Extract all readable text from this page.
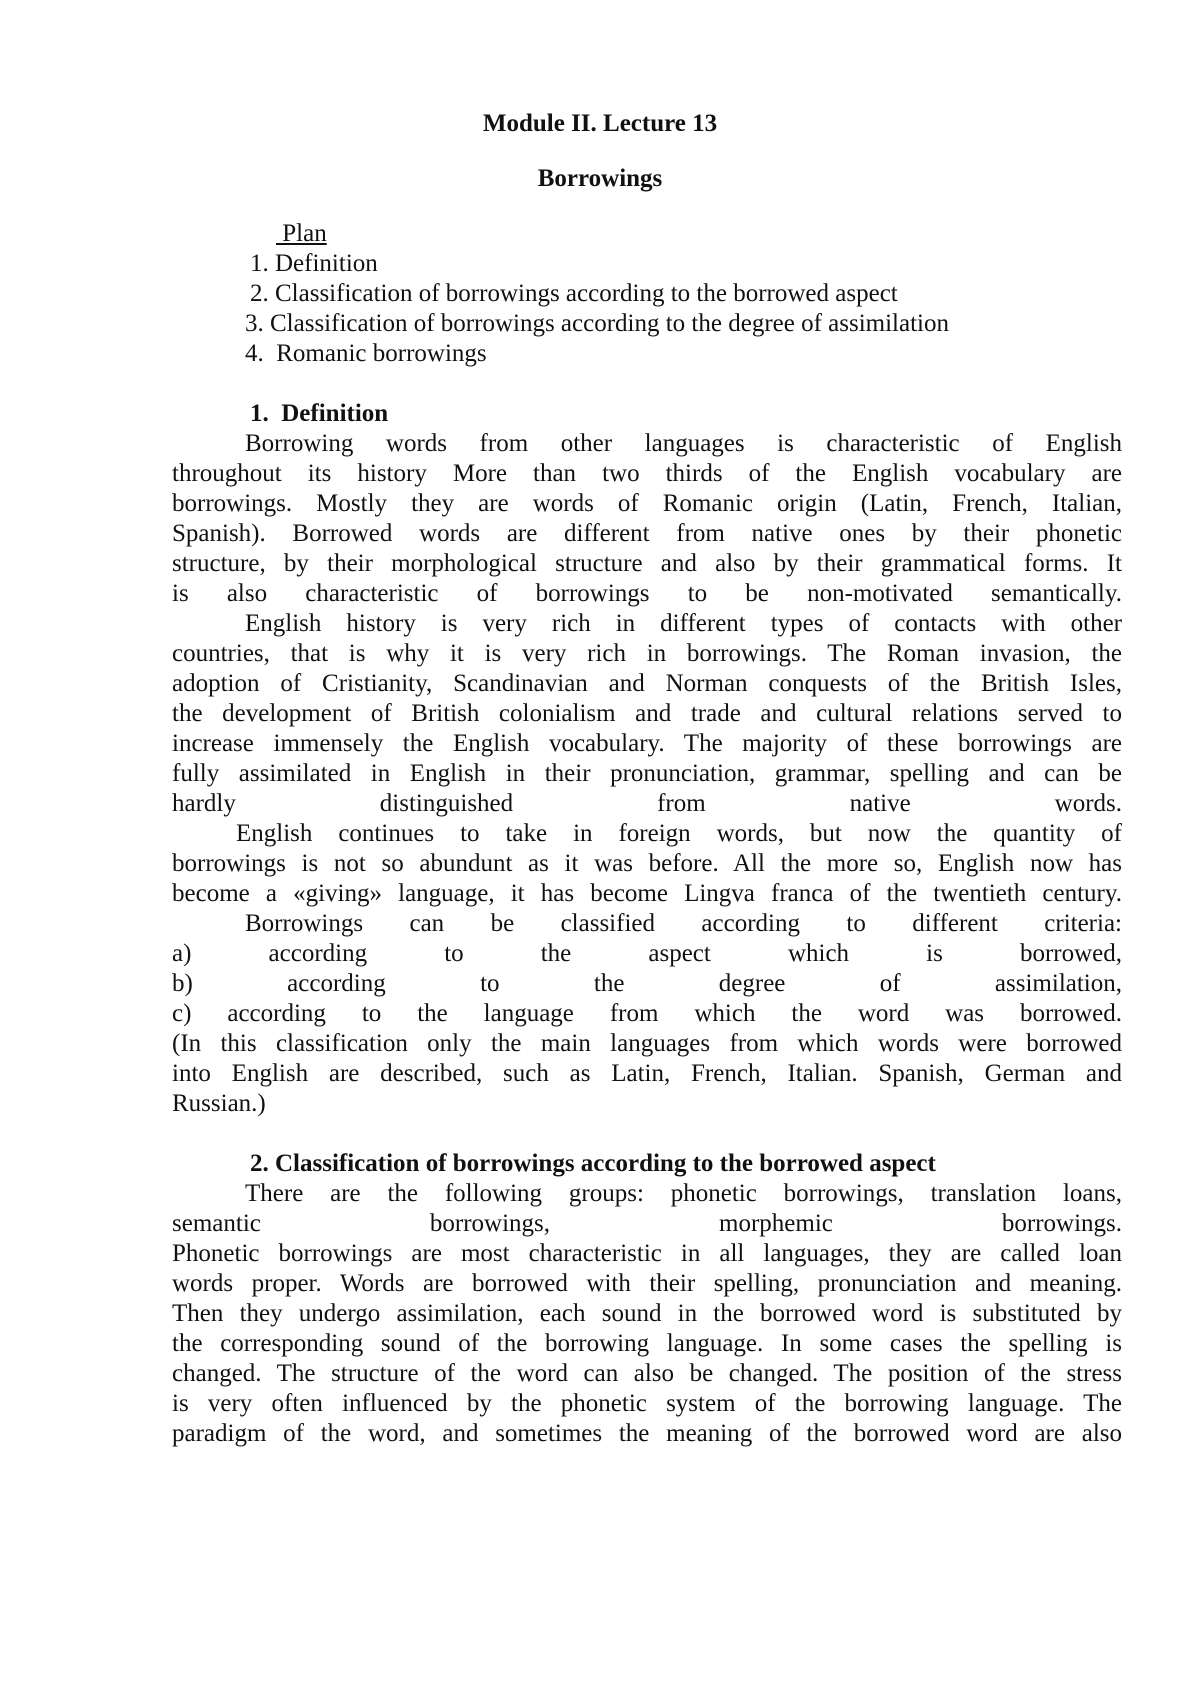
Module II. Lecture 13
Borrowings
Plan
1. Definition
2. Classification of borrowings according to the borrowed aspect
3. Classification of borrowings according to the degree of assimilation
4.  Romanic borrowings
1.  Definition
Borrowing words from other languages is characteristic of English
throughout its history More than two thirds of the English vocabulary are
borrowings. Mostly they are words of Romanic origin (Latin, French, Italian,
Spanish). Borrowed words are different from native ones by their phonetic
structure, by their morphological structure and also by their grammatical forms. It
is also characteristic of borrowings to be non-motivated semantically.
English history is very rich in different types of contacts with other
countries, that is why it is very rich in borrowings. The Roman invasion, the
adoption of Cristianity, Scandinavian and Norman conquests of the British Isles,
the development of British colonialism and trade and cultural relations served to
increase immensely the English vocabulary. The majority of these borrowings are
fully assimilated in English in their pronunciation, grammar, spelling and can be
hardly distinguished from native words.
English continues to take in foreign words, but now the quantity of
borrowings is not so abundunt as it was before. All the more so, English now has
become a «giving» language, it has become Lingva franca of the twentieth century.
Borrowings can be classified according to different criteria:
a) according to the aspect which is borrowed,
b) according to the degree of assimilation,
c) according to the language from which the word was borrowed.
(In this classification only the main languages from which words were borrowed
into English are described, such as Latin, French, Italian. Spanish, German and
Russian.)
2. Classification of borrowings according to the borrowed aspect
There are the following groups: phonetic borrowings, translation loans,
semantic borrowings, morphemic borrowings.
Phonetic borrowings are most characteristic in all languages, they are called loan
words proper. Words are borrowed with their spelling, pronunciation and meaning.
Then they undergo assimilation, each sound in the borrowed word is substituted by
the corresponding sound of the borrowing language. In some cases the spelling is
changed. The structure of the word can also be changed. The position of the stress
is very often influenced by the phonetic system of the borrowing language. The
paradigm of the word, and sometimes the meaning of the borrowed word are also
